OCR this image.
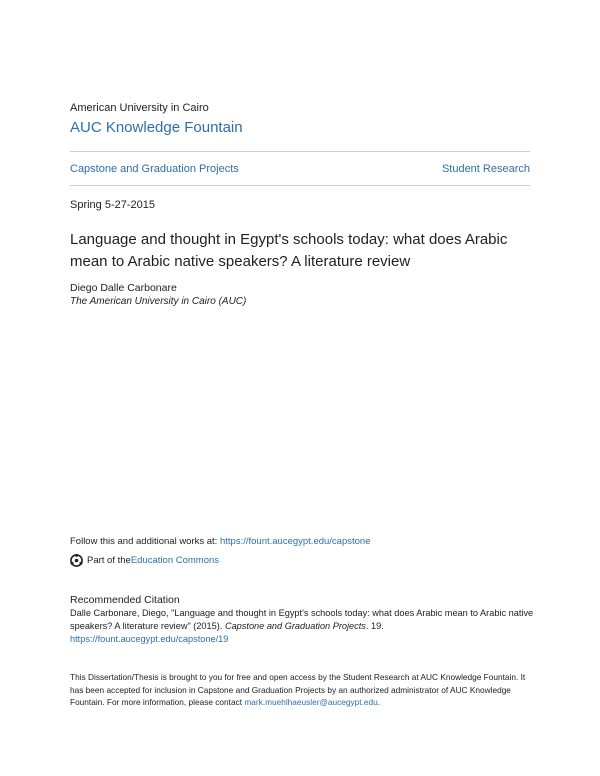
American University in Cairo
AUC Knowledge Fountain
Capstone and Graduation Projects	Student Research
Spring 5-27-2015
Language and thought in Egypt's schools today: what does Arabic mean to Arabic native speakers? A literature review
Diego Dalle Carbonare
The American University in Cairo (AUC)
Follow this and additional works at: https://fount.aucegypt.edu/capstone
Part of the Education Commons
Recommended Citation
Dalle Carbonare, Diego, "Language and thought in Egypt's schools today: what does Arabic mean to Arabic native speakers? A literature review" (2015). Capstone and Graduation Projects. 19.
https://fount.aucegypt.edu/capstone/19
This Dissertation/Thesis is brought to you for free and open access by the Student Research at AUC Knowledge Fountain. It has been accepted for inclusion in Capstone and Graduation Projects by an authorized administrator of AUC Knowledge Fountain. For more information, please contact mark.muehlhaeusler@aucegypt.edu.
